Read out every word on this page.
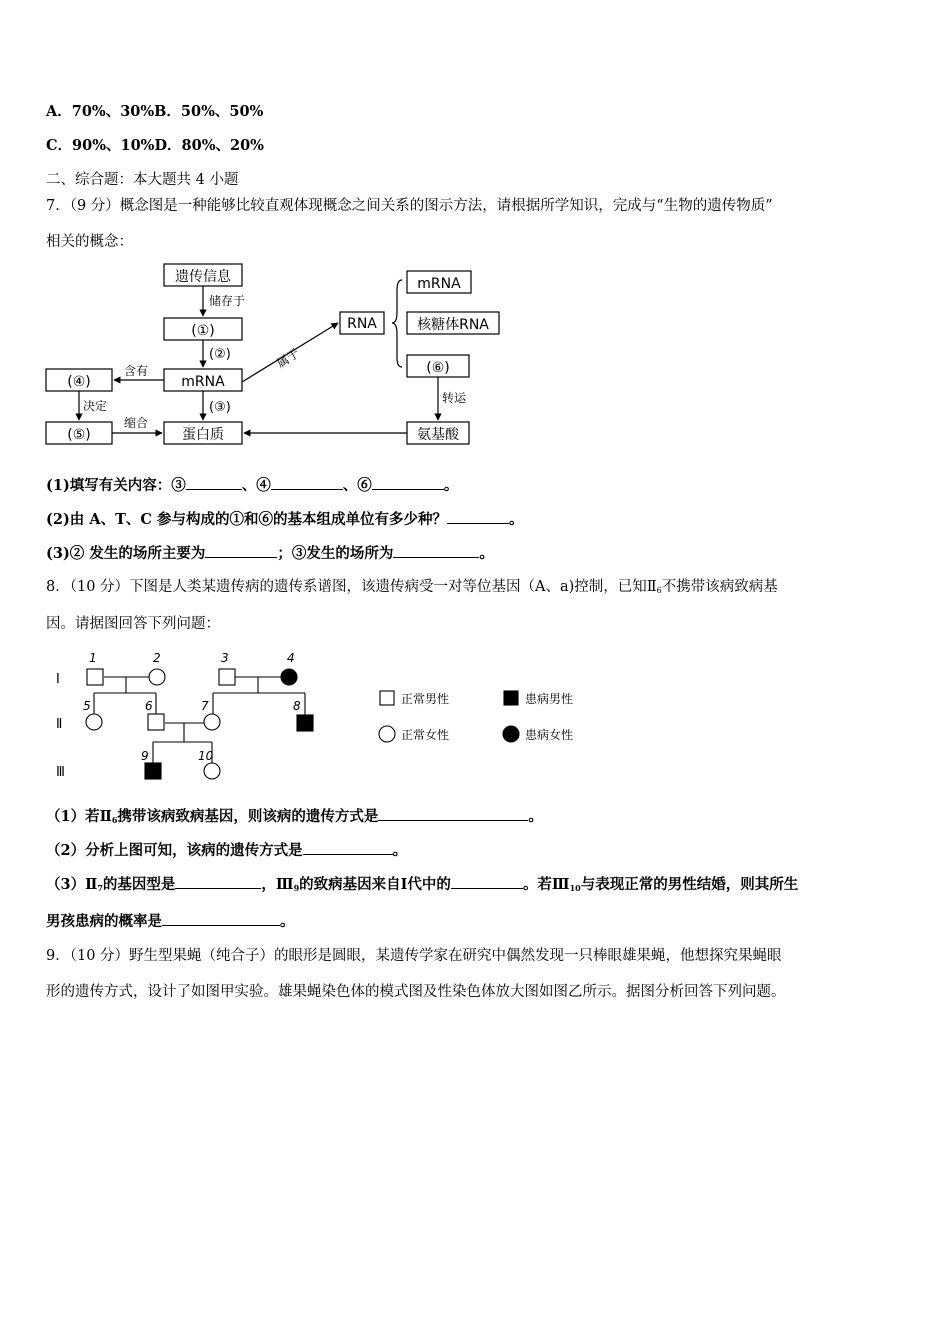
A．70%、30%B．50%、50%
C．90%、10%D．80%、20%
二、综合题：本大题共 4 小题
7．（9 分）概念图是一种能够比较直观体现概念之间关系的图示方法，请根据所学知识，完成与“生物的遗传物质”
相关的概念：
遗传信息
储存于
(①)
(②)
mRNA
含有
(④)
决定
(⑤)
(③)
缩合
蛋白质
属于
RNA
mRNA
核糖体RNA
(⑥)
转运
氨基酸
(1)填写有关内容：③	、④	、⑥	。
(2)由 A、T、C 参与构成的①和⑥的基本组成单位有多少种？	。
(3)② 发生的场所主要为	；③发生的场所为	。
8．（10 分）下图是人类某遗传病的遗传系谱图，该遗传病受一对等位基因（A、a)控制，已知$Ⅱ_6$不携带该病致病基
因。请据图回答下列问题：
Ⅰ
Ⅱ
Ⅲ
1	2	3	4
5	6	7	8
9	10
正常男性	患病男性
正常女性	患病女性
（1）若$Ⅱ_6$携带该病致病基因，则该病的遗传方式是	。
（2）分析上图可知，该病的遗传方式是	。
$(3)Ⅱ_7$的基因型是	，$Ⅲ_9$的致病基因来自Ⅰ代中的	。若$Ⅲ_{10}$与表现正常的男性结婚，则其所生
男孩患病的概率是	。
9．（10 分）野生型果蝇（纯合子）的眼形是圆眼，某遗传学家在研究中偶然发现一只棒眼雄果蝇，他想探究果蝇眼
形的遗传方式，设计了如图甲实验。雄果蝇染色体的模式图及性染色体放大图如图乙所示。据图分析回答下列问题。
